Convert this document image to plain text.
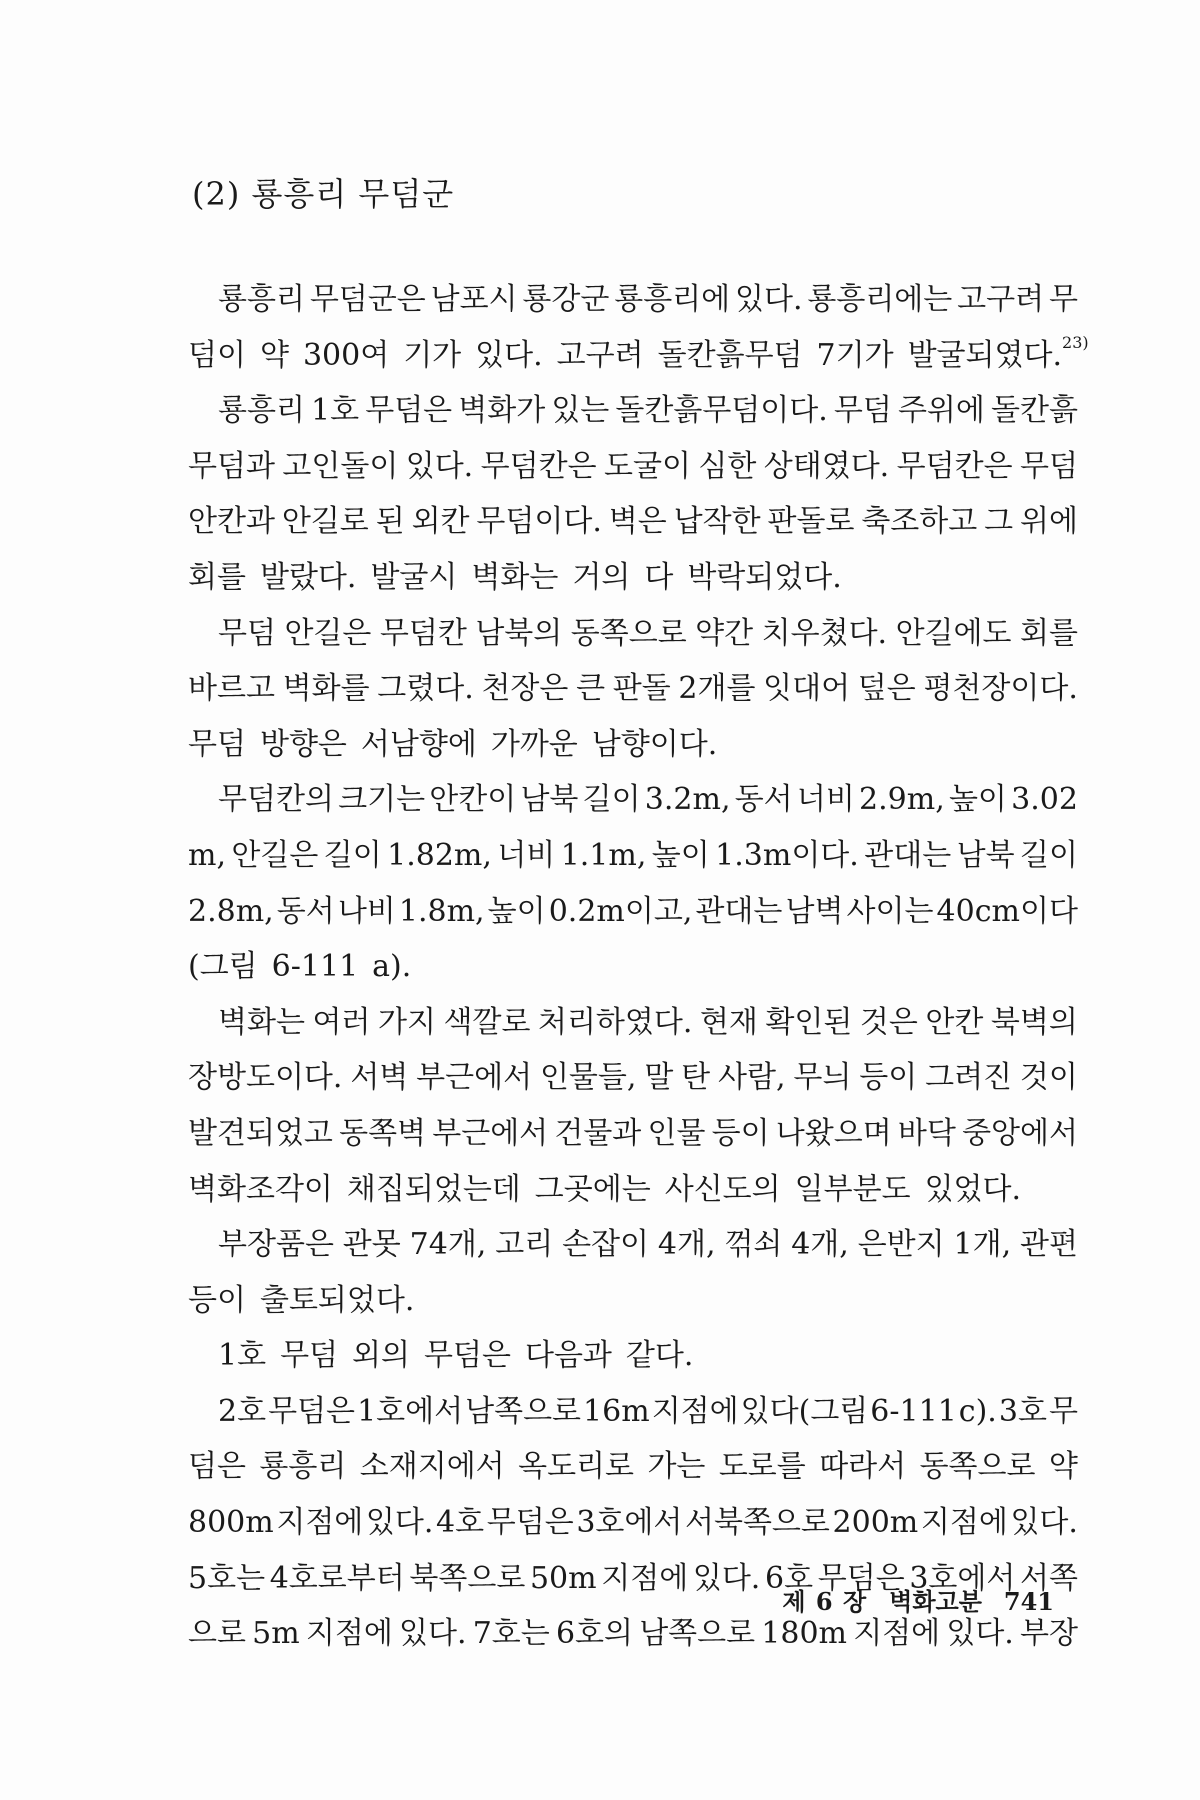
(2) 룡흥리 무덤군
룡흥리 무덤군은 남포시 룡강군 룡흥리에 있다. 룡흥리에는 고구려 무
덤이 약 300여 기가 있다. 고구려 돌칸흙무덤 7기가 발굴되였다.$^{23)}$
룡흥리 1호 무덤은 벽화가 있는 돌칸흙무덤이다. 무덤 주위에 돌칸흙
무덤과 고인돌이 있다. 무덤칸은 도굴이 심한 상태였다. 무덤칸은 무덤
안칸과 안길로 된 외칸 무덤이다. 벽은 납작한 판돌로 축조하고 그 위에
회를 발랐다. 발굴시 벽화는 거의 다 박락되었다.
무덤 안길은 무덤칸 남북의 동쪽으로 약간 치우쳤다. 안길에도 회를
바르고 벽화를 그렸다. 천장은 큰 판돌 2개를 잇대어 덮은 평천장이다.
무덤 방향은 서남향에 가까운 남향이다.
무덤칸의 크기는 안칸이 남북 길이 3.2m, 동서 너비 2.9m, 높이 3.02
m, 안길은 길이 1.82m, 너비 1.1m, 높이 1.3m이다. 관대는 남북 길이
2.8m, 동서 나비 1.8m, 높이 0.2m이고, 관대는 남벽 사이는 40cm이다
(그림 6-111 a).
벽화는 여러 가지 색깔로 처리하였다. 현재 확인된 것은 안칸 북벽의
장방도이다. 서벽 부근에서 인물들, 말 탄 사람, 무늬 등이 그려진 것이
발견되었고 동쪽벽 부근에서 건물과 인물 등이 나왔으며 바닥 중앙에서
벽화조각이 채집되었는데 그곳에는 사신도의 일부분도 있었다.
부장품은 관못 74개, 고리 손잡이 4개, 꺾쇠 4개, 은반지 1개, 관편
등이 출토되었다.
1호 무덤 외의 무덤은 다음과 같다.
2호 무덤은 1호에서 남쪽으로 16m 지점에 있다(그림 6-111 c). 3호 무
덤은 룡흥리 소재지에서 옥도리로 가는 도로를 따라서 동쪽으로 약
800m 지점에 있다. 4호 무덤은 3호에서 서북쪽으로 200m 지점에 있다.
5호는 4호로부터 북쪽으로 50m 지점에 있다. 6호 무덤은 3호에서 서쪽
으로 5m 지점에 있다. 7호는 6호의 남쪽으로 180m 지점에 있다. 부장
제 6 장 벽화고분 741
